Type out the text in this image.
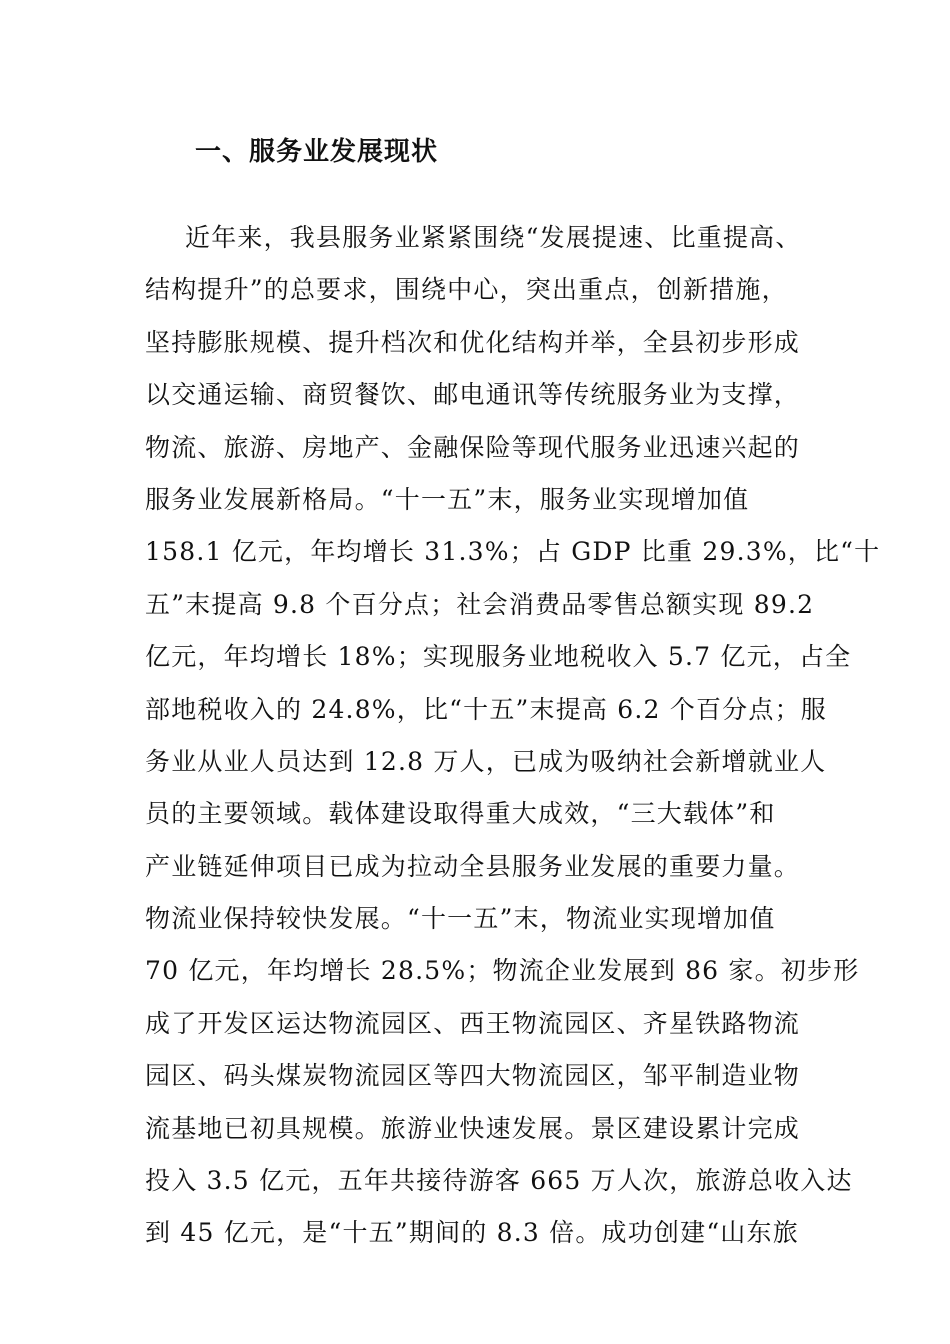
一、服务业发展现状
近年来，我县服务业紧紧围绕“发展提速、比重提高、
结构提升”的总要求，围绕中心，突出重点，创新措施，
坚持膨胀规模、提升档次和优化结构并举，全县初步形成
以交通运输、商贸餐饮、邮电通讯等传统服务业为支撑，
物流、旅游、房地产、金融保险等现代服务业迅速兴起的
服务业发展新格局。“十一五”末，服务业实现增加值
158.1 亿元，年均增长 31.3%；占 GDP 比重 29.3%，比“十
五”末提高 9.8 个百分点；社会消费品零售总额实现 89.2
亿元，年均增长 18%；实现服务业地税收入 5.7 亿元，占全
部地税收入的 24.8%，比“十五”末提高 6.2 个百分点；服
务业从业人员达到 12.8 万人，已成为吸纳社会新增就业人
员的主要领域。载体建设取得重大成效，“三大载体”和
产业链延伸项目已成为拉动全县服务业发展的重要力量。
物流业保持较快发展。“十一五”末，物流业实现增加值
70 亿元，年均增长 28.5%；物流企业发展到 86 家。初步形
成了开发区运达物流园区、西王物流园区、齐星铁路物流
园区、码头煤炭物流园区等四大物流园区，邹平制造业物
流基地已初具规模。旅游业快速发展。景区建设累计完成
投入 3.5 亿元，五年共接待游客 665 万人次，旅游总收入达
到 45 亿元，是“十五”期间的 8.3 倍。成功创建“山东旅
